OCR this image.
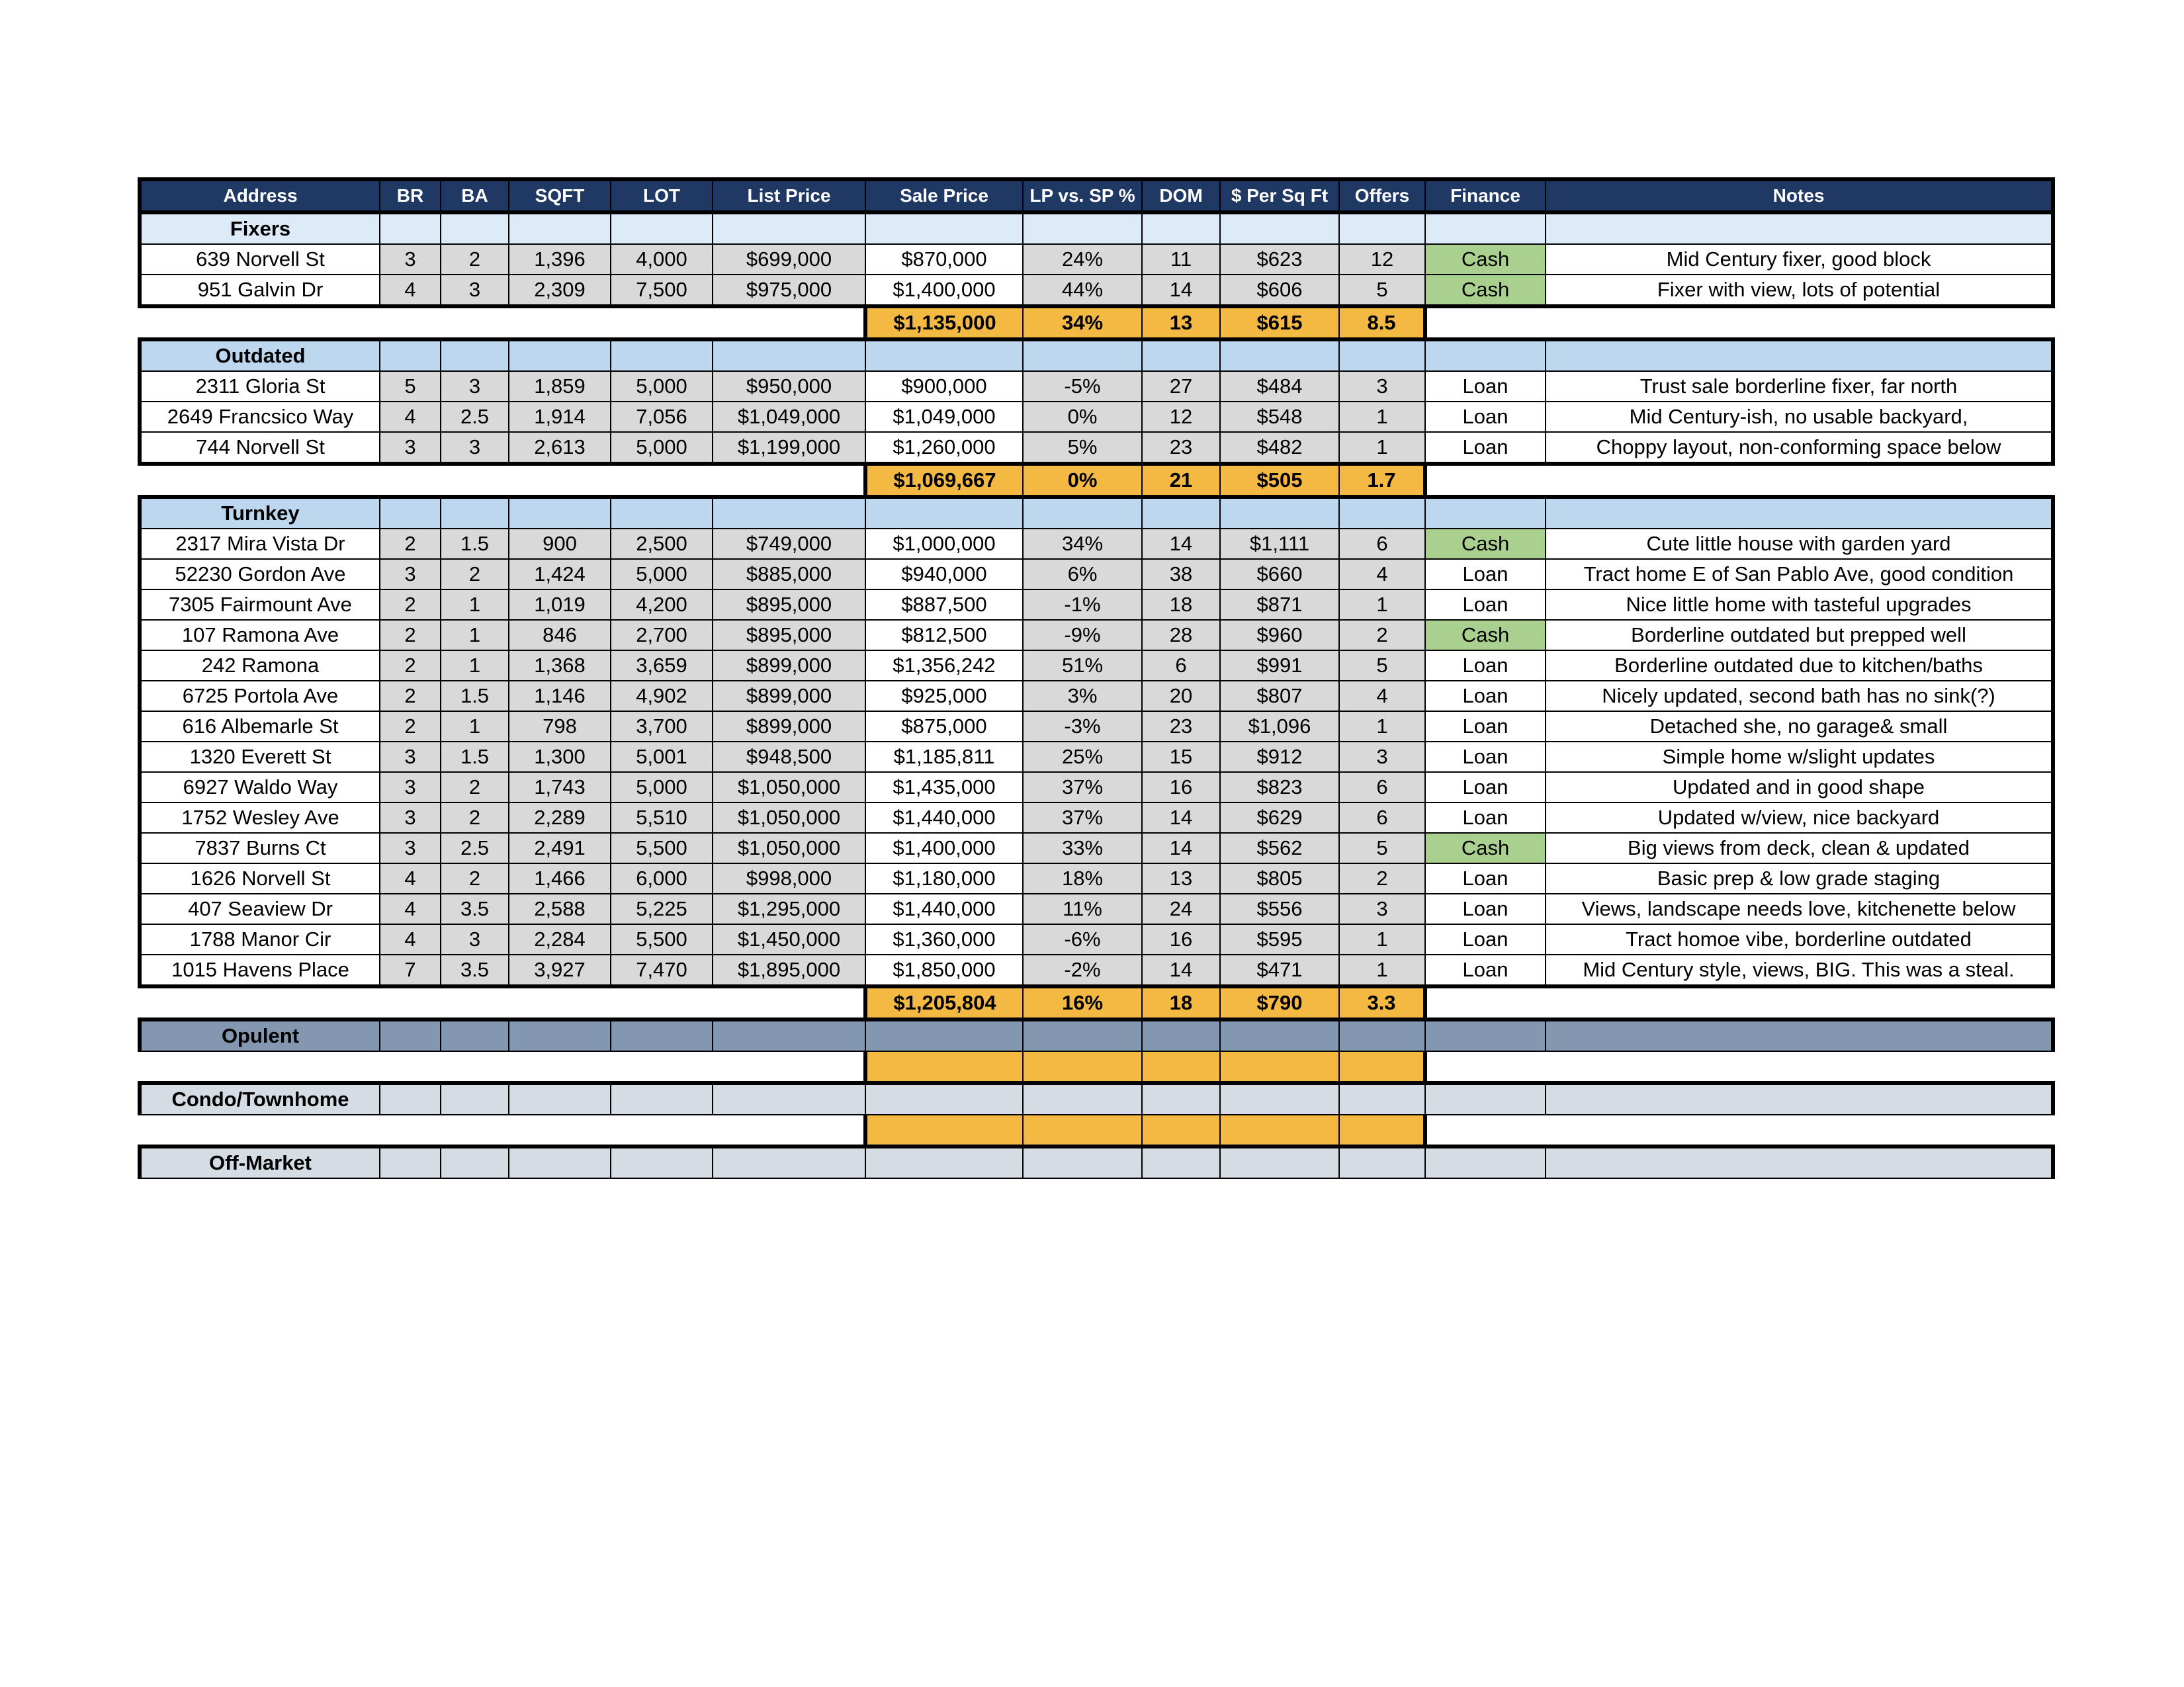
Address	BR	BA	SQFT	LOT	List Price	Sale Price	LP vs. SP %	DOM	$ Per Sq Ft	Offers	Finance	Notes
Fixers												
639 Norvell St	3	2	1,396	4,000	$699,000	$870,000	24%	11	$623	12	Cash	Mid Century fixer, good block
951 Galvin Dr	4	3	2,309	7,500	$975,000	$1,400,000	44%	14	$606	5	Cash	Fixer with view, lots of potential
						$1,135,000	34%	13	$615	8.5		
Outdated												
2311 Gloria St	5	3	1,859	5,000	$950,000	$900,000	-5%	27	$484	3	Loan	Trust sale borderline fixer, far north
2649 Francsico Way	4	2.5	1,914	7,056	$1,049,000	$1,049,000	0%	12	$548	1	Loan	Mid Century-ish, no usable backyard,
744 Norvell St	3	3	2,613	5,000	$1,199,000	$1,260,000	5%	23	$482	1	Loan	Choppy layout, non-conforming space below
						$1,069,667	0%	21	$505	1.7		
Turnkey												
2317 Mira Vista Dr	2	1.5	900	2,500	$749,000	$1,000,000	34%	14	$1,111	6	Cash	Cute little house with garden yard
52230 Gordon Ave	3	2	1,424	5,000	$885,000	$940,000	6%	38	$660	4	Loan	Tract home E of San Pablo Ave, good condition
7305 Fairmount Ave	2	1	1,019	4,200	$895,000	$887,500	-1%	18	$871	1	Loan	Nice little home with tasteful upgrades
107 Ramona Ave	2	1	846	2,700	$895,000	$812,500	-9%	28	$960	2	Cash	Borderline outdated but prepped well
242 Ramona	2	1	1,368	3,659	$899,000	$1,356,242	51%	6	$991	5	Loan	Borderline outdated due to kitchen/baths
6725 Portola Ave	2	1.5	1,146	4,902	$899,000	$925,000	3%	20	$807	4	Loan	Nicely updated, second bath has no sink(?)
616 Albemarle St	2	1	798	3,700	$899,000	$875,000	-3%	23	$1,096	1	Loan	Detached she, no garage& small
1320 Everett St	3	1.5	1,300	5,001	$948,500	$1,185,811	25%	15	$912	3	Loan	Simple home w/slight updates
6927 Waldo Way	3	2	1,743	5,000	$1,050,000	$1,435,000	37%	16	$823	6	Loan	Updated and in good shape
1752 Wesley Ave	3	2	2,289	5,510	$1,050,000	$1,440,000	37%	14	$629	6	Loan	Updated w/view, nice backyard
7837 Burns Ct	3	2.5	2,491	5,500	$1,050,000	$1,400,000	33%	14	$562	5	Cash	Big views from deck, clean & updated
1626 Norvell St	4	2	1,466	6,000	$998,000	$1,180,000	18%	13	$805	2	Loan	Basic prep & low grade staging
407 Seaview Dr	4	3.5	2,588	5,225	$1,295,000	$1,440,000	11%	24	$556	3	Loan	Views, landscape needs love, kitchenette below
1788 Manor Cir	4	3	2,284	5,500	$1,450,000	$1,360,000	-6%	16	$595	1	Loan	Tract homoe vibe, borderline outdated
1015 Havens Place	7	3.5	3,927	7,470	$1,895,000	$1,850,000	-2%	14	$471	1	Loan	Mid Century style, views, BIG. This was a steal.
						$1,205,804	16%	18	$790	3.3		
Opulent												

Condo/Townhome												

Off-Market												
